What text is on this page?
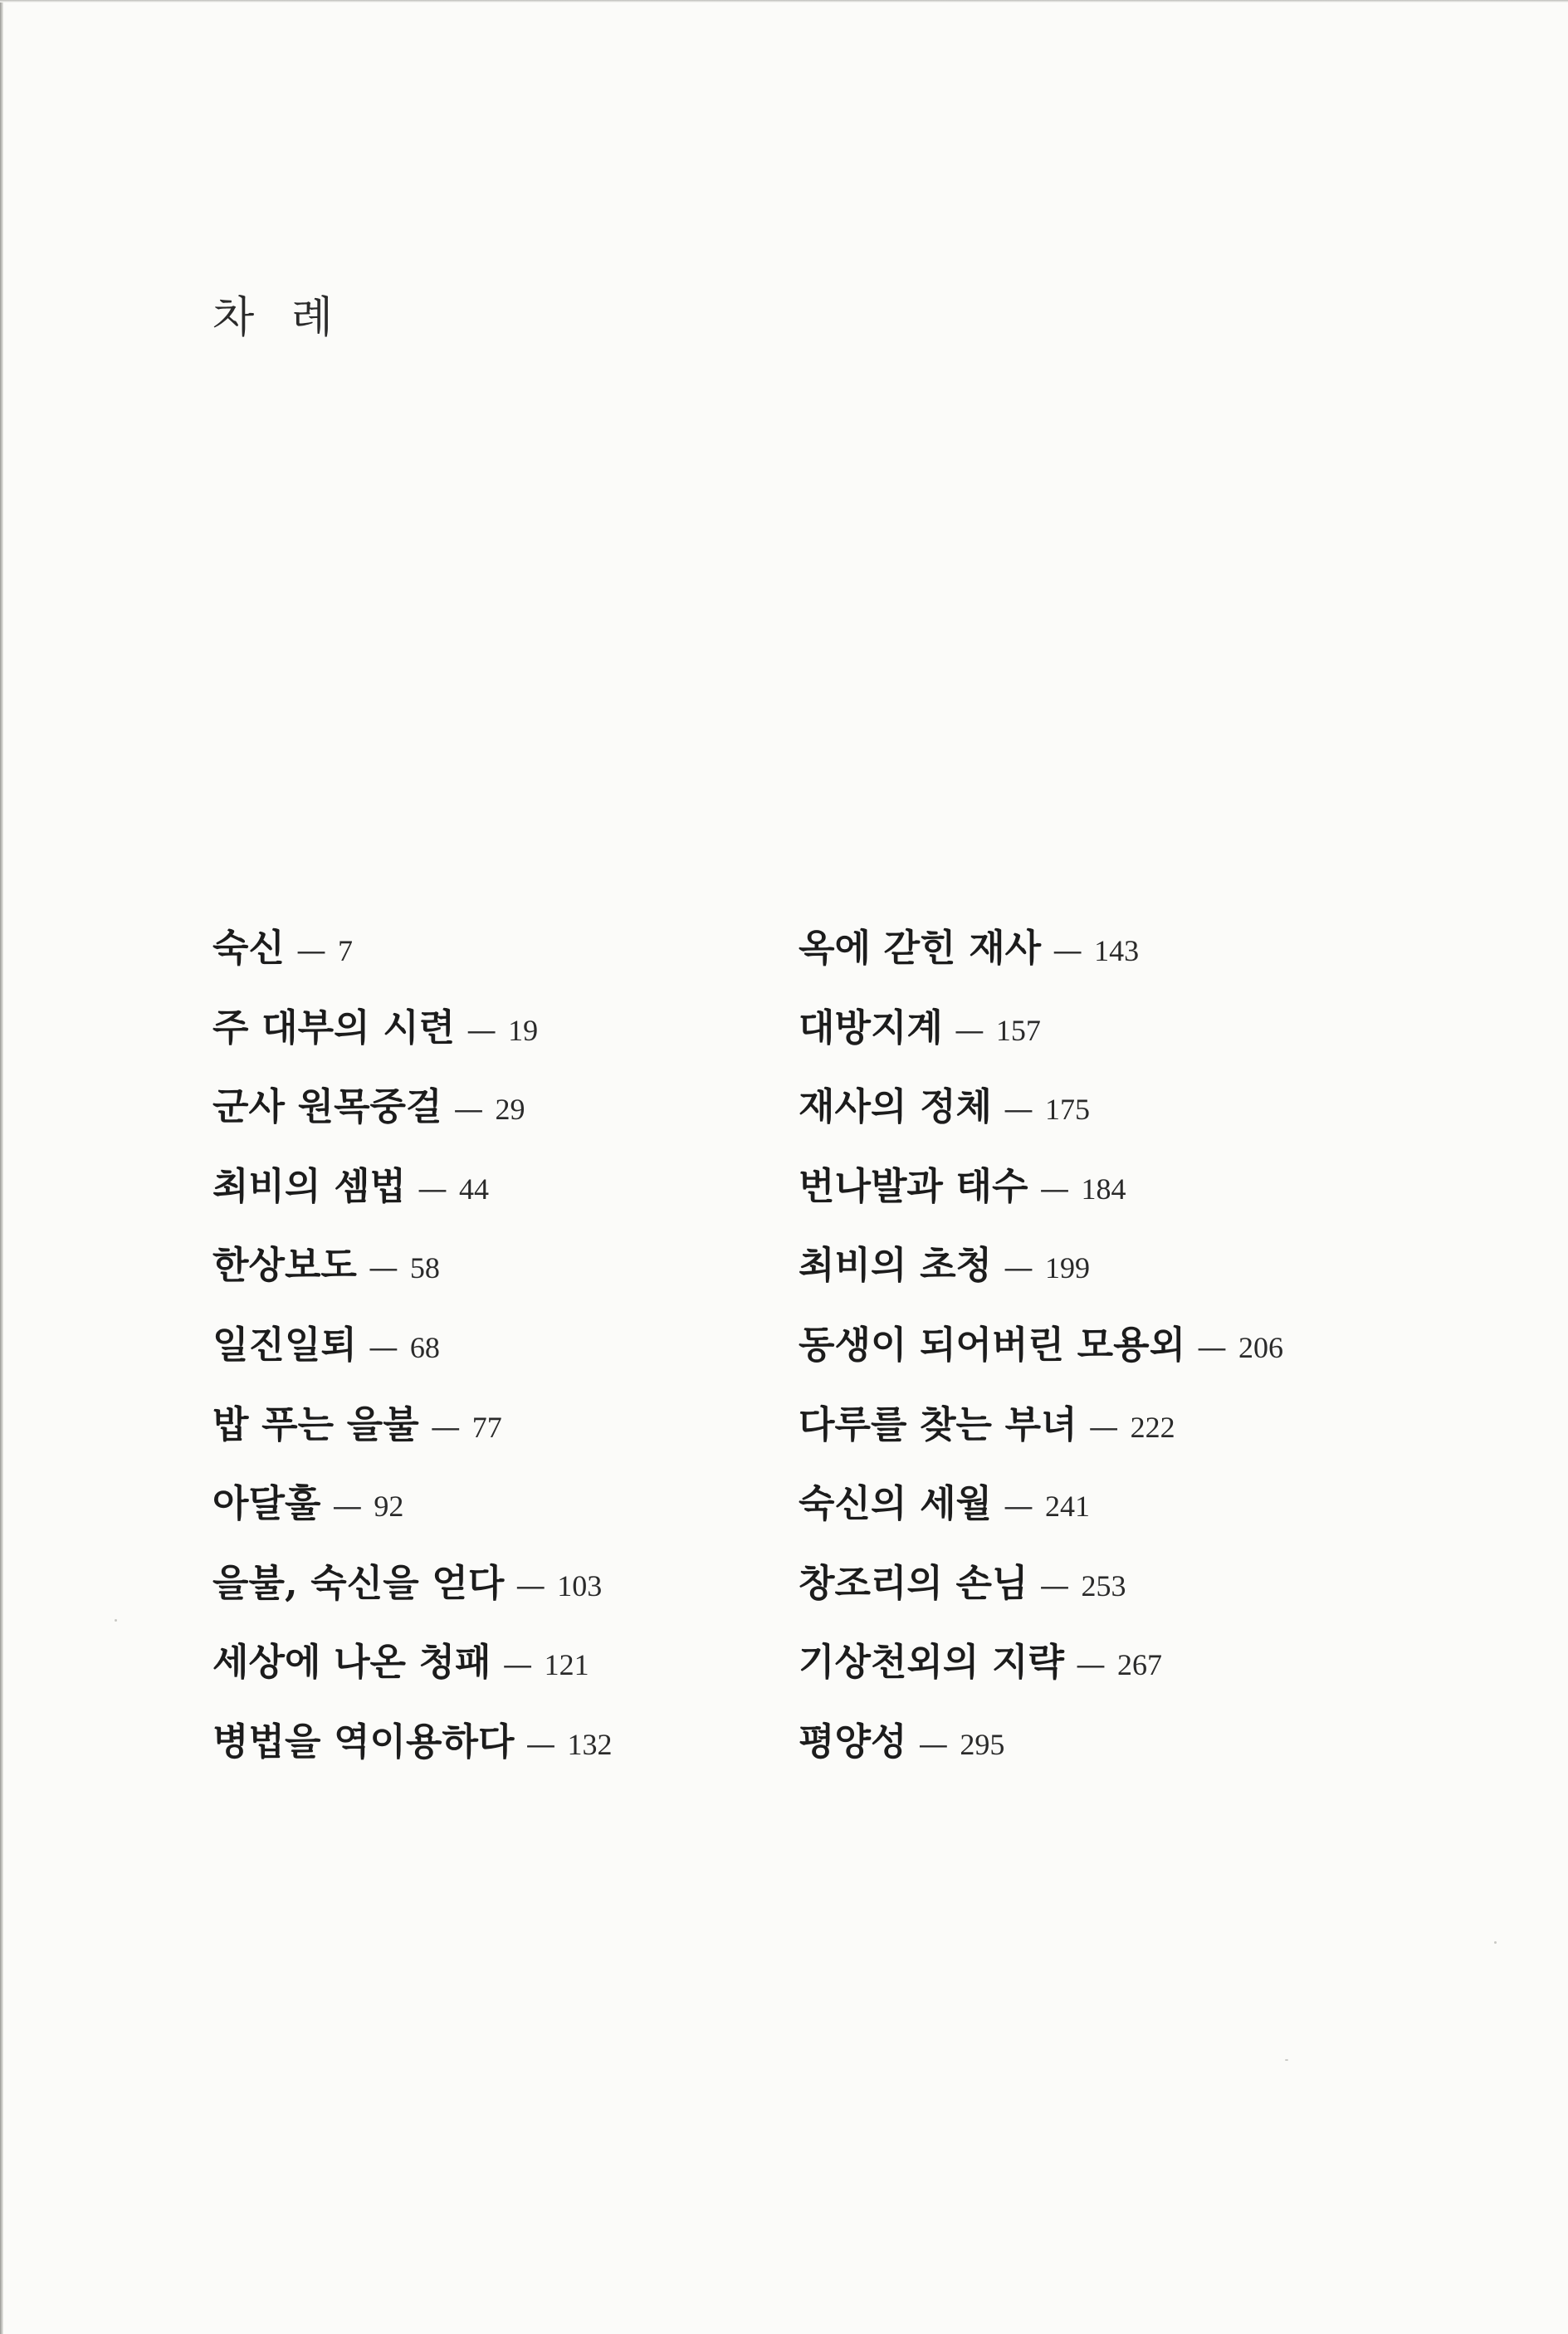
차 례
숙신 — 7
주 대부의 시련 — 19
군사 원목중걸 — 29
최비의 셈법 — 44
한상보도 — 58
일진일퇴 — 68
밥 푸는 을불 — 77
아달훌 — 92
을불, 숙신을 얻다 — 103
세상에 나온 청패 — 121
병법을 역이용하다 — 132
옥에 갇힌 재사 — 143
대방지계 — 157
재사의 정체 — 175
번나발과 태수 — 184
최비의 초청 — 199
동생이 되어버린 모용외 — 206
다루를 찾는 부녀 — 222
숙신의 세월 — 241
창조리의 손님 — 253
기상천외의 지략 — 267
평양성 — 295
